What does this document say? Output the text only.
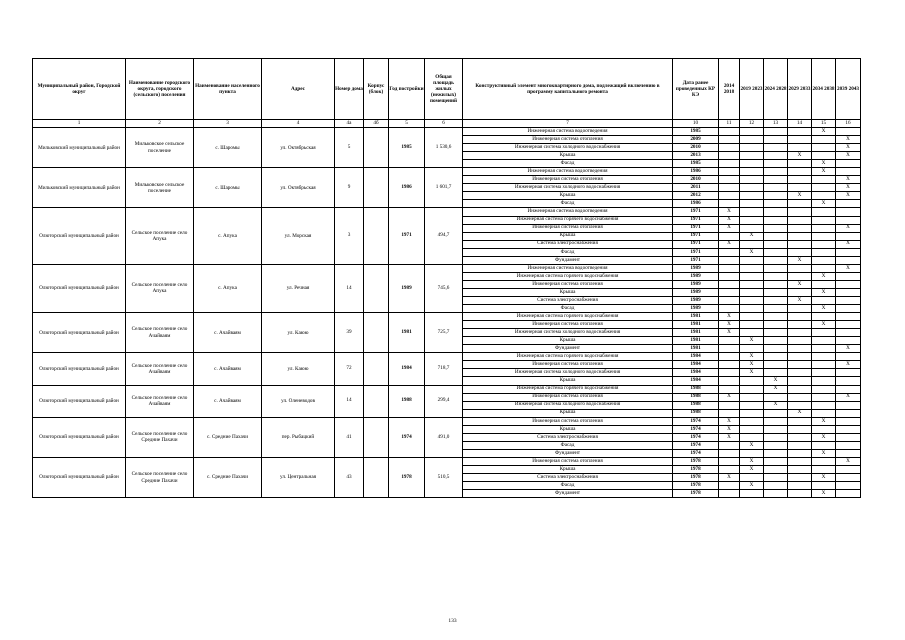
Муниципальный район, Городской округ	Наименование городского округа, городского (сельского) поселения	Наименование населенного пункта	Адрес	Номер дома	Корпус (блок)	Год постройки	Общая площадь жилых (нежилых) помещений	Конструктивный элемент многоквартирного дома, подлежащий включению в программу капитального ремонта	Дата ранее проведенных КР КЭ	2014 2018	2019 2023	2024 2028	2029 2033	2034 2038	2039 2043
1	2	3	4	4а	4б	5	6	7	10	11	12	13	14	15	16
Мильковский муниципальный район	Мильковское сельское поселение	с. Шаромы	ул. Октябрьская	5		1985	1 530,6	Инженерная система водоотведения	1985					X	
								Инженерная система отопления	2009						X
								Инженерная система холодного водоснабжения	2010						X
								Крыша	2013				X		X
								Фасад	1985					X	
Мильковский муниципальный район	Мильковское сельское поселение	с. Шаромы	ул. Октябрьская	9		1986	1 601,7	Инженерная система водоотведения	1986					X	
								Инженерная система отопления	2010						X
								Инженерная система холодного водоснабжения	2011						X
								Крыша	2012				X		X
								Фасад	1986					X	
Олюторский муниципальный район	Сельское поселение село Апука	с. Апука	ул. Морская	3		1971	494,7	Инженерная система водоотведения	1971	X					
								Инженерная система горячего водоснабжения	1971	X					
								Инженерная система отопления	1971	X					X
								Крыша	1971		X				
								Система электроснабжения	1971	X					X
								Фасад	1971		X				
								Фундамент	1971				X		
Олюторский муниципальный район	Сельское поселение село Апука	с. Апука	ул. Речная	14		1989	745,6	Инженерная система водоотведения	1989						X
								Инженерная система горячего водоснабжения	1989					X	
								Инженерная система отопления	1989				X		
								Крыша	1989					X	
								Система электроснабжения	1989				X		
								Фасад	1989					X	
Олюторский муниципальный район	Сельское поселение село Ачайваям	с. Ачайваям	ул. Каюю	39		1981	725,7	Инженерная система горячего водоснабжения	1981	X					
								Инженерная система отопления	1981	X				X	
								Инженерная система холодного водоснабжения	1981	X					
								Крыша	1981		X				
								Фундамент	1981						X
Олюторский муниципальный район	Сельское поселение село Ачайваям	с. Ачайваям	ул. Каюю	72		1984	718,7	Инженерная система горячего водоснабжения	1984		X				
								Инженерная система отопления	1984		X				X
								Инженерная система холодного водоснабжения	1984		X				
								Крыша	1984			X			
Олюторский муниципальный район	Сельское поселение село Ачайваям	с. Ачайваям	ул. Оленеводов	14		1988	299,4	Инженерная система горячего водоснабжения	1988			X			
								Инженерная система отопления	1988	X					X
								Инженерная система холодного водоснабжения	1988			X			
								Крыша	1988				X		
Олюторский муниципальный район	Сельское поселение село Средние Пахачи	с. Средние Пахачи	пер. Рыбацкий	41		1974	491,0	Инженерная система отопления	1974	X				X	
								Крыша	1974	X					
								Система электроснабжения	1974	X				X	
								Фасад	1974		X				
								Фундамент	1974					X	
Олюторский муниципальный район	Сельское поселение село Средние Пахачи	с. Средние Пахачи	ул. Центральная	43		1978	510,5	Инженерная система отопления	1978		X				X
								Крыша	1978		X				
								Система электроснабжения	1978	X				X	
								Фасад	1978		X				
								Фундамент	1978					X	
133
